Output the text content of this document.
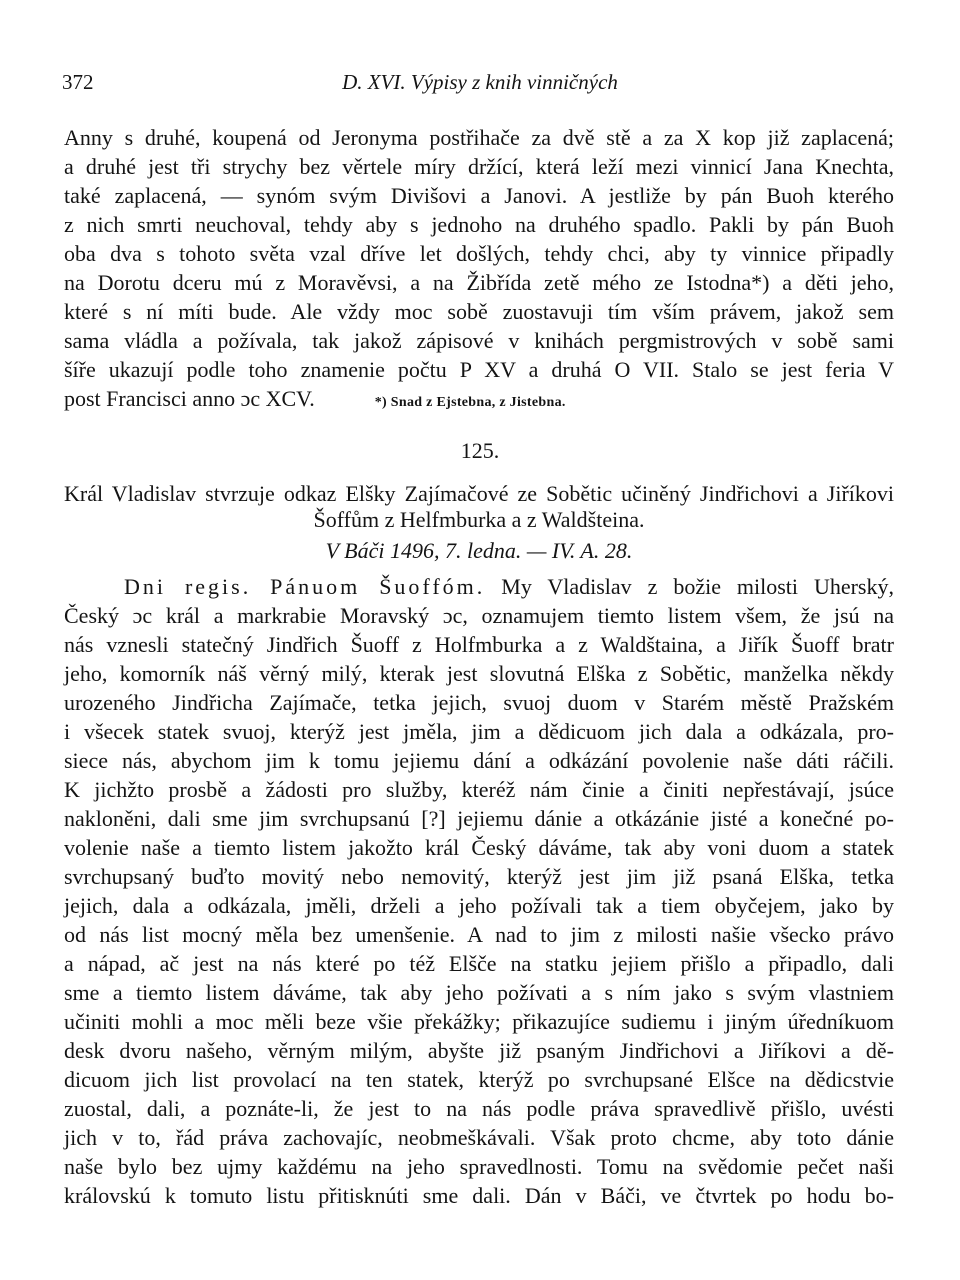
372	D. XVI. Výpisy z knih vinničných
Anny s druhé, koupená od Jeronyma postřihače za dvě stě a za X kop již zaplacená;
a druhé jest tři strychy bez věrtele míry držící, která leží mezi vinnicí Jana Knechta,
také zaplacená, — synóm svým Divišovi a Janovi. A jestliže by pán Buoh kterého
z nich smrti neuchoval, tehdy aby s jednoho na druhého spadlo. Pakli by pán Buoh
oba dva s tohoto světa vzal dříve let došlých, tehdy chci, aby ty vinnice připadly
na Dorotu dceru mú z Moravěvsi, a na Žibřída zetě mého ze Istodna*) a děti jeho,
které s ní míti bude. Ale vždy moc sobě zuostavuji tím vším právem, jakož sem
sama vládla a požívala, tak jakož zápisové v knihách pergmistrových v sobě sami
šíře ukazují podle toho znamenie počtu P XV a druhá O VII. Stalo se jest feria V
post Francisci anno ɔc XCV.	*) Snad z Ejstebna, z Jistebna.
125.
Král Vladislav stvrzuje odkaz Elšky Zajímačové ze Sobětic učiněný Jindřichovi a Jiříkovi
Šoffům z Helfmburka a z Waldšteina.
V Báči 1496, 7. ledna. — IV. A. 28.
Dni regis. Pánuom Šuoffóm. My Vladislav z božie milosti Uherský,
Český ɔc král a markrabie Moravský ɔc, oznamujem tiemto listem všem, že jsú na
nás vznesli statečný Jindřich Šuoff z Holfmburka a z Waldštaina, a Jiřík Šuoff bratr
jeho, komorník náš věrný milý, kterak jest slovutná Elška z Sobětic, manželka někdy
urozeného Jindřicha Zajímače, tetka jejich, svuoj duom v Starém městě Pražském
i všecek statek svuoj, kterýž jest jměla, jim a dědicuom jich dala a odkázala, pro-
siece nás, abychom jim k tomu jejiemu dání a odkázání povolenie naše dáti ráčili.
K jichžto prosbě a žádosti pro služby, kteréž nám činie a činiti nepřestávají, jsúce
nakloněni, dali sme jim svrchupsanú [?] jejiemu dánie a otkázánie jisté a konečné po-
volenie naše a tiemto listem jakožto král Český dáváme, tak aby voni duom a statek
svrchupsaný buďto movitý nebo nemovitý, kterýž jest jim již psaná Elška, tetka
jejich, dala a odkázala, jměli, drželi a jeho požívali tak a tiem obyčejem, jako by
od nás list mocný měla bez umenšenie. A nad to jim z milosti našie všecko právo
a nápad, ač jest na nás které po též Elšče na statku jejiem přišlo a připadlo, dali
sme a tiemto listem dáváme, tak aby jeho požívati a s ním jako s svým vlastniem
učiniti mohli a moc měli beze všie překážky; přikazujíce sudiemu i jiným úředníkuom
desk dvoru našeho, věrným milým, abyšte již psaným Jindřichovi a Jiříkovi a dě-
dicuom jich list provolací na ten statek, kterýž po svrchupsané Elšce na dědicstvie
zuostal, dali, a poznáte-li, že jest to na nás podle práva spravedlivě přišlo, uvésti
jich v to, řád práva zachovajíc, neobmeškávali. Však proto chcme, aby toto dánie
naše bylo bez ujmy každému na jeho spravedlnosti. Tomu na svědomie pečet naši
královskú k tomuto listu přitisknúti sme dali. Dán v Báči, ve čtvrtek po hodu bo-
